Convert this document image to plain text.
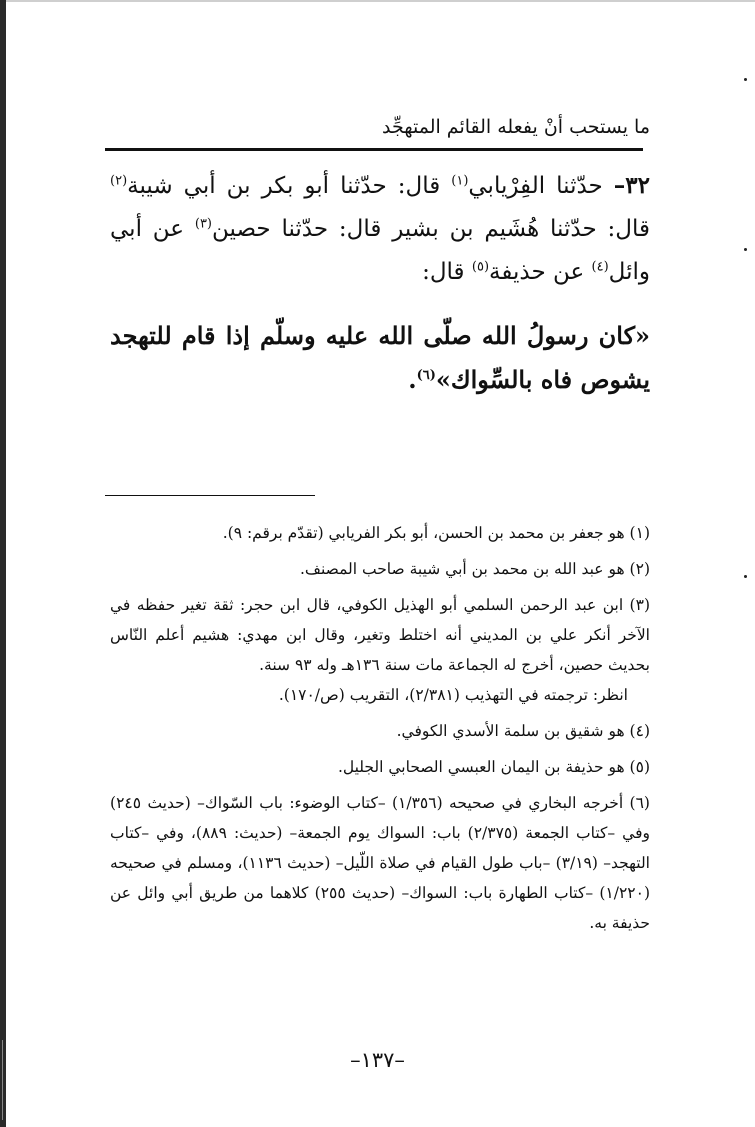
ما يستحب أنْ يفعله القائم المتهجِّد
٣٢– حدّثنا الفِرْيابي$^{(١)}$ قال: حدّثنا أبو بكر بن أبي شيبة$^{(٢)}$ قال: حدّثنا هُشَيم بن بشير قال: حدّثنا حصين$^{(٣)}$ عن أبي وائل$^{(٤)}$ عن حذيفة$^{(٥)}$ قال:
«كان رسولُ الله صلّى الله عليه وسلّم إذا قام للتهجد يشوص فاه بالسِّواك»$^{(٦)}$.

(١) هو جعفر بن محمد بن الحسن، أبو بكر الفريابي (تقدّم برقم: ٩).

(٢) هو عبد الله بن محمد بن أبي شيبة صاحب المصنف.

(٣) ابن عبد الرحمن السلمي أبو الهذيل الكوفي، قال ابن حجر: ثقة تغير حفظه في الآخر أنكر علي بن المديني أنه اختلط وتغير، وقال ابن مهدي: هشيم أعلم النّاس بحديث حصين، أخرج له الجماعة مات سنة ١٣٦هـ وله ٩٣ سنة.
انظر: ترجمته في التهذيب (٢/٣٨١)، التقريب (ص/١٧٠).

(٤) هو شقيق بن سلمة الأسدي الكوفي.

(٥) هو حذيفة بن اليمان العبسي الصحابي الجليل.

(٦) أخرجه البخاري في صحيحه (١/٣٥٦) –كتاب الوضوء: باب السّواك– (حديث ٢٤٥) وفي –كتاب الجمعة (٢/٣٧٥) باب: السواك يوم الجمعة– (حديث: ٨٨٩)، وفي –كتاب التهجد– (٣/١٩) –باب طول القيام في صلاة اللّيل– (حديث ١١٣٦)، ومسلم في صحيحه (١/٢٢٠) –كتاب الطهارة باب: السواك– (حديث ٢٥٥) كلاهما من طريق أبي وائل عن حذيفة به.

–١٣٧–
